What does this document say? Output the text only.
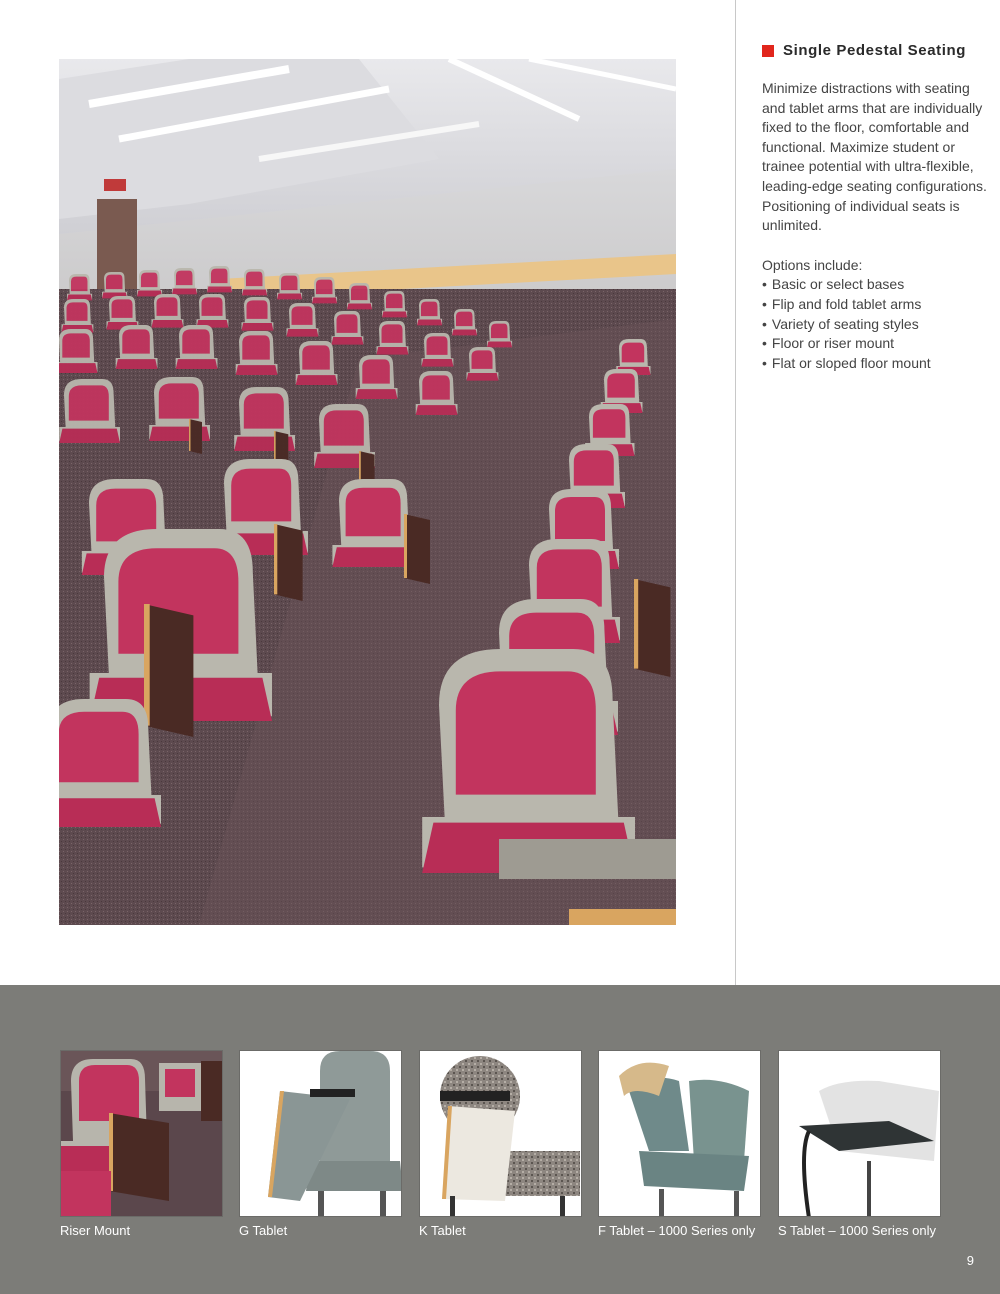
Single Pedestal Seating

Minimize distractions with seating and tablet arms that are individually fixed to the floor, comfortable and functional. Maximize student or trainee potential with ultra-flexible, leading-edge seating configurations. Positioning of individual seats is unlimited.

Options include:
• Basic or select bases
• Flip and fold tablet arms
• Variety of seating styles
• Floor or riser mount
• Flat or sloped floor mount
Riser Mount	G Tablet	K Tablet	F Tablet – 1000 Series only S Tablet – 1000 Series only
9
